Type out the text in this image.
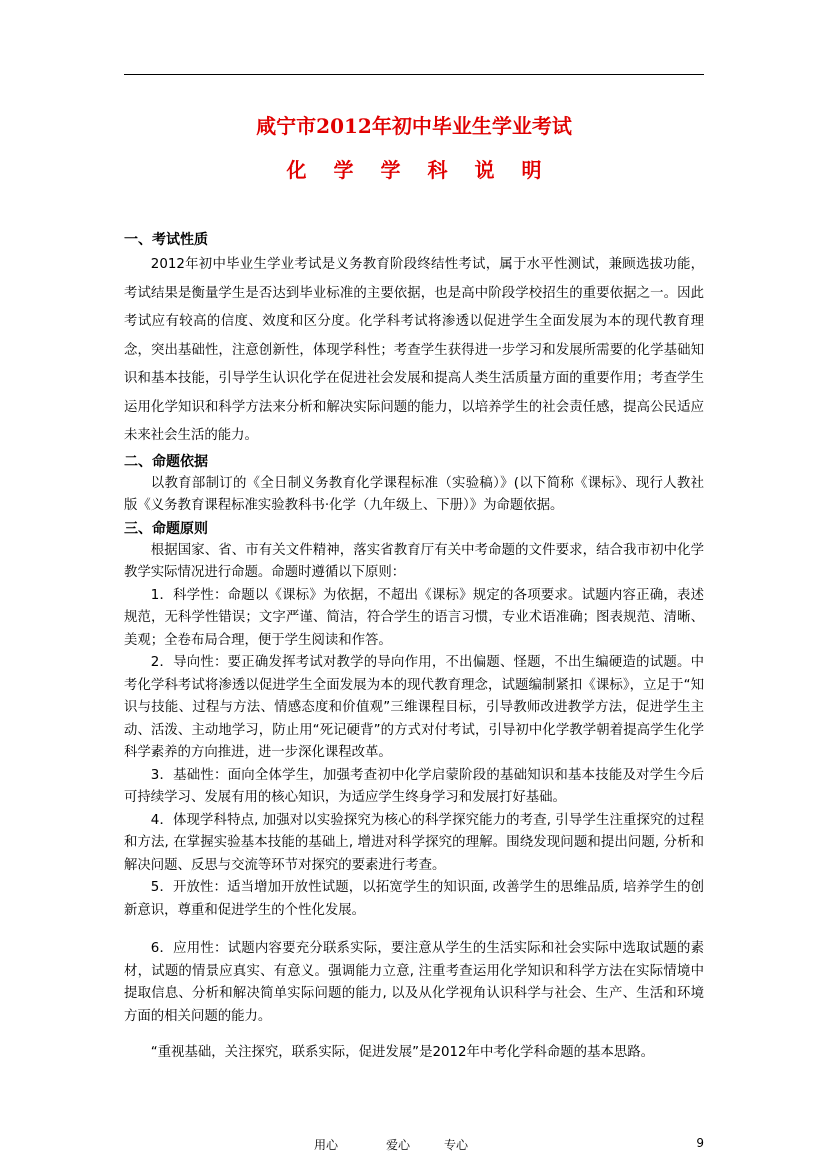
咸宁市2012年初中毕业生学业考试
化学学科说明
一、考试性质

2012年初中毕业生学业考试是义务教育阶段终结性考试，属于水平性测试，兼顾选拔功能，考试结果是衡量学生是否达到毕业标准的主要依据，也是高中阶段学校招生的重要依据之一。因此考试应有较高的信度、效度和区分度。化学科考试将渗透以促进学生全面发展为本的现代教育理念，突出基础性，注意创新性，体现学科性；考查学生获得进一步学习和发展所需要的化学基础知识和基本技能，引导学生认识化学在促进社会发展和提高人类生活质量方面的重要作用；考查学生运用化学知识和科学方法来分析和解决实际问题的能力，以培养学生的社会责任感，提高公民适应未来社会生活的能力。

二、命题依据

以教育部制订的《全日制义务教育化学课程标准（实验稿）》(以下简称《课标》、现行人教社版《义务教育课程标准实验教科书·化学（九年级上、下册）》为命题依据。

三、命题原则

根据国家、省、市有关文件精神，落实省教育厅有关中考命题的文件要求，结合我市初中化学教学实际情况进行命题。命题时遵循以下原则：

1．科学性：命题以《课标》为依据，不超出《课标》规定的各项要求。试题内容正确，表述规范，无科学性错误；文字严谨、简洁，符合学生的语言习惯，专业术语准确；图表规范、清晰、美观；全卷布局合理，便于学生阅读和作答。

2．导向性：要正确发挥考试对教学的导向作用，不出偏题、怪题，不出生编硬造的试题。中考化学科考试将渗透以促进学生全面发展为本的现代教育理念，试题编制紧扣《课标》，立足于“知识与技能、过程与方法、情感态度和价值观”三维课程目标，引导教师改进教学方法，促进学生主动、活泼、主动地学习，防止用“死记硬背”的方式对付考试，引导初中化学教学朝着提高学生化学科学素养的方向推进，进一步深化课程改革。

3．基础性：面向全体学生，加强考查初中化学启蒙阶段的基础知识和基本技能及对学生今后可持续学习、发展有用的核心知识，为适应学生终身学习和发展打好基础。

4．体现学科特点, 加强对以实验探究为核心的科学探究能力的考查, 引导学生注重探究的过程和方法, 在掌握实验基本技能的基础上, 增进对科学探究的理解。围绕发现问题和提出问题, 分析和解决问题、反思与交流等环节对探究的要素进行考查。

5．开放性：适当增加开放性试题，以拓宽学生的知识面, 改善学生的思维品质, 培养学生的创新意识，尊重和促进学生的个性化发展。

6．应用性：试题内容要充分联系实际，要注意从学生的生活实际和社会实际中选取试题的素材，试题的情景应真实、有意义。强调能力立意, 注重考查运用化学知识和科学方法在实际情境中提取信息、分析和解决简单实际问题的能力, 以及从化学视角认识科学与社会、生产、生活和环境方面的相关问题的能力。

“重视基础，关注探究，联系实际，促进发展”是2012年中考化学科命题的基本思路。

用心	爱心	专心	9
